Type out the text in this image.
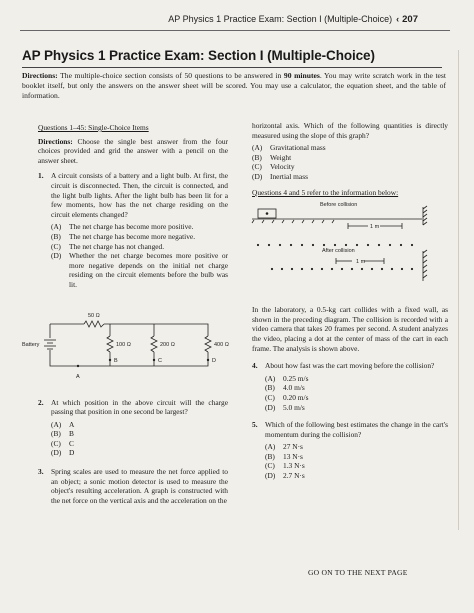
AP Physics 1 Practice Exam: Section I (Multiple-Choice) ‹ 207
AP Physics 1 Practice Exam: Section I (Multiple-Choice)
Directions: The multiple-choice section consists of 50 questions to be answered in 90 minutes. You may write scratch work in the test booklet itself, but only the answers on the answer sheet will be scored. You may use a calculator, the equation sheet, and the table of information.
Questions 1–45: Single-Choice Items
Directions: Choose the single best answer from the four choices provided and grid the answer with a pencil on the answer sheet.
1. A circuit consists of a battery and a light bulb. At first, the circuit is disconnected. Then, the circuit is connected, and the light bulb lights. After the light bulb has been lit for a few moments, how has the net charge residing on the circuit elements changed?
(A) The net charge has become more positive.
(B) The net charge has become more negative.
(C) The net charge has not changed.
(D) Whether the net charge becomes more positive or more negative depends on the initial net charge residing on the circuit elements before the bulb was lit.
50 Ω
100 Ω	200 Ω	400 Ω
Battery
A
B	C	D
2. At which position in the above circuit will the charge passing that position in one second be largest?
(A) A
(B) B
(C) C
(D) D
3. Spring scales are used to measure the net force applied to an object; a sonic motion detector is used to measure the object's resulting acceleration. A graph is constructed with the net force on the vertical axis and the acceleration on the
horizontal axis. Which of the following quantities is directly measured using the slope of this graph?
(A) Gravitational mass
(B) Weight
(C) Velocity
(D) Inertial mass
Questions 4 and 5 refer to the information below:
Before collision
After collision
1 m
1 m
In the laboratory, a 0.5-kg cart collides with a fixed wall, as shown in the preceding diagram. The collision is recorded with a video camera that takes 20 frames per second. A student analyzes the video, placing a dot at the center of mass of the cart in each frame. The analysis is shown above.
4. About how fast was the cart moving before the collision?
(A) 0.25 m/s
(B) 4.0 m/s
(C) 0.20 m/s
(D) 5.0 m/s
5. Which of the following best estimates the change in the cart's momentum during the collision?
(A) 27 N·s
(B) 13 N·s
(C) 1.3 N·s
(D) 2.7 N·s
GO ON TO THE NEXT PAGE
